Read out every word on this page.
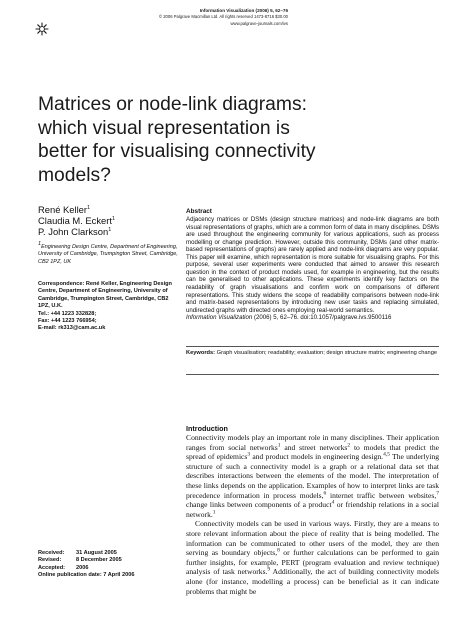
Information Visualization (2006) 5, 62–76
© 2006 Palgrave Macmillan Ltd. All rights reserved 1473-8716 $30.00
www.palgrave-journals.com/ivs
Matrices or node-link diagrams: which visual representation is better for visualising connectivity models?
René Keller$^1$
Claudia M. Eckert$^1$
P. John Clarkson$^1$
1Engineering Design Centre, Department of Engineering, University of Cambridge, Trumpington Street, Cambridge, CB2 1PZ, UK
Correspondence: René Keller, Engineering Design Centre, Department of Engineering, University of Cambridge, Trumpington Street, Cambridge, CB2 1PZ, U.K.
Tel.: +44 1223 332828;
Fax: +44 1223 766954;
E-mail: rk313@cam.ac.uk
Abstract
Adjacency matrices or DSMs (design structure matrices) and node-link diagrams are both visual representations of graphs, which are a common form of data in many disciplines. DSMs are used throughout the engineering community for various applications, such as process modelling or change prediction. However, outside this community, DSMs (and other matrix-based representations of graphs) are rarely applied and node-link diagrams are very popular. This paper will examine, which representation is more suitable for visualising graphs. For this purpose, several user experiments were conducted that aimed to answer this research question in the context of product models used, for example in engineering, but the results can be generalised to other applications. These experiments identify key factors on the readability of graph visualisations and confirm work on comparisons of different representations. This study widens the scope of readability comparisons between node-link and matrix-based representations by introducing new user tasks and replacing simulated, undirected graphs with directed ones employing real-world semantics.
Information Visualization (2006) 5, 62–76. doi:10.1057/palgrave.ivs.9500116
Keywords: Graph visualisation; readability; evaluation; design structure matrix; engineering change
Introduction

Connectivity models play an important role in many disciplines. Their application ranges from social networks$^1$ and street networks$^2$ to models that predict the spread of epidemics$^3$ and product models in engineering design.$^{4,5}$ The underlying structure of such a connectivity model is a graph or a relational data set that describes interactions between the elements of the model. The interpretation of these links depends on the application. Examples of how to interpret links are task precedence information in process models,$^6$ internet traffic between websites,$^7$ change links between components of a product$^4$ or friendship relations in a social network.$^1$

Connectivity models can be used in various ways. Firstly, they are a means to store relevant information about the piece of reality that is being modelled. The information can be communicated to other users of the model, they are then serving as boundary objects,$^8$ or further calculations can be performed to gain further insights, for example, PERT (program evaluation and review technique) analysis of task networks.$^9$ Additionally, the act of building connectivity models alone (for instance, modelling a process) can be beneficial as it can indicate problems that might be

Received:	31 August 2005
Revised:	8 December 2005
Accepted:	2006
Online publication date: 7 April 2006
